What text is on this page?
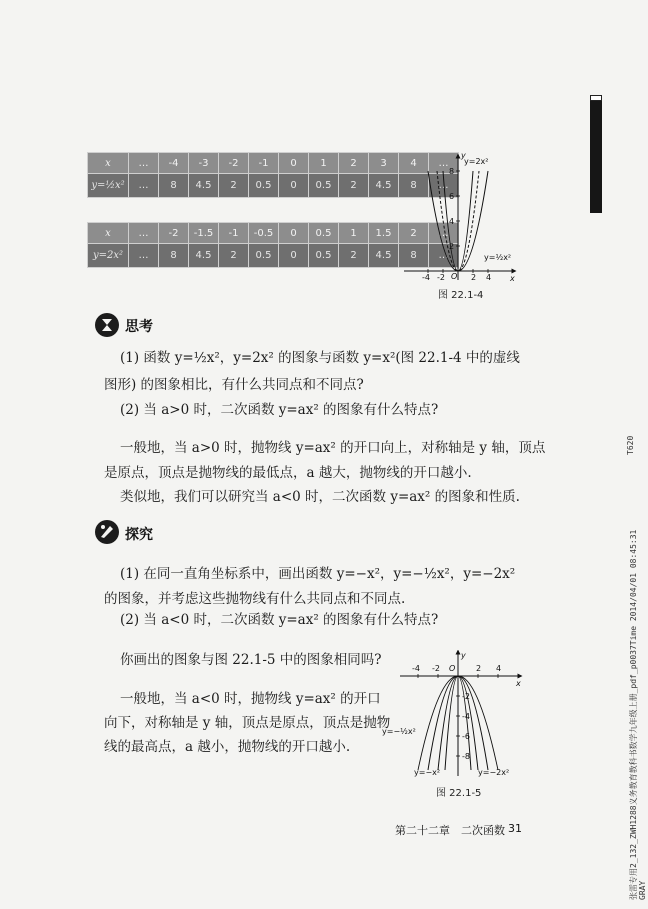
x	…	-4	-3	-2	-1	0	1	2	3	4	…
y=½x²	…	8	4.5	2	0.5	0	0.5	2	4.5	8	…
x	…	-2	-1.5	-1	-0.5	0	0.5	1	1.5	2	…
y=2x²	…	8	4.5	2	0.5	0	0.5	2	4.5	8	…
y
x
O
y=2x²
y=½x²
-4 -2	2 4
8
6
4
2
图 22.1-4
思考
(1) 函数 y=½x²，y=2x² 的图象与函数 y=x²(图 22.1-4 中的虚线
图形) 的图象相比，有什么共同点和不同点?
(2) 当 a>0 时，二次函数 y=ax² 的图象有什么特点?
一般地，当 a>0 时，抛物线 y=ax² 的开口向上，对称轴是 y 轴，顶点
是原点，顶点是抛物线的最低点，a 越大，抛物线的开口越小.
类似地，我们可以研究当 a<0 时，二次函数 y=ax² 的图象和性质.
探究
(1) 在同一直角坐标系中，画出函数 y=−x²，y=−½x²，y=−2x²
的图象，并考虑这些抛物线有什么共同点和不同点.
(2) 当 a<0 时，二次函数 y=ax² 的图象有什么特点?
你画出的图象与图 22.1-5 中的图象相同吗?
一般地，当 a<0 时，抛物线 y=ax² 的开口
向下，对称轴是 y 轴，顶点是原点，顶点是抛物
线的最高点，a 越小，抛物线的开口越小.
y
x
O
-4 -2	2 4
-2
-4
-6
-8
y=−½x²
y=−x²	y=−2x²
图 22.1-5
第二十二章　二次函数 31
T620
张雷专用2_132_ZWH1288义务教育教科书数学九年级上册_pdf_p0037Time 2014/04/01 08:45:31 GRAY
